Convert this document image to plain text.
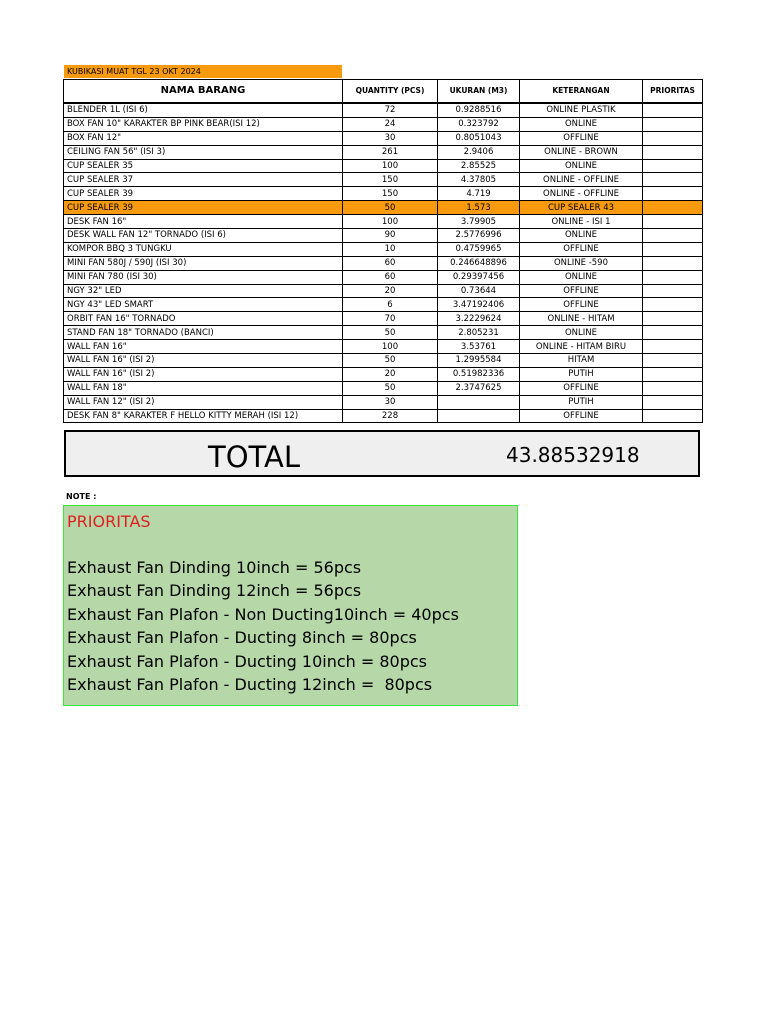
KUBIKASI MUAT TGL 23 OKT 2024
NAMA BARANG	QUANTITY (PCS)	UKURAN (M3)	KETERANGAN	PRIORITAS
BLENDER 1L (ISI 6)	72	0.9288516	ONLINE PLASTIK	
BOX FAN 10" KARAKTER BP PINK BEAR(ISI 12)	24	0.323792	ONLINE	
BOX FAN 12"	30	0.8051043	OFFLINE	
CEILING FAN 56" (ISI 3)	261	2.9406	ONLINE - BROWN	
CUP SEALER 35	100	2.85525	ONLINE	
CUP SEALER 37	150	4.37805	ONLINE - OFFLINE	
CUP SEALER 39	150	4.719	ONLINE - OFFLINE	
CUP SEALER 39	50	1.573	CUP SEALER 43	
DESK FAN 16"	100	3.79905	ONLINE - ISI 1	
DESK WALL FAN 12" TORNADO (ISI 6)	90	2.5776996	ONLINE	
KOMPOR BBQ 3 TUNGKU	10	0.4759965	OFFLINE	
MINI FAN 580J / 590J (ISI 30)	60	0.246648896	ONLINE -590	
MINI FAN 780 (ISI 30)	60	0.29397456	ONLINE	
NGY 32" LED	20	0.73644	OFFLINE	
NGY 43" LED SMART	6	3.47192406	OFFLINE	
ORBIT FAN 16" TORNADO	70	3.2229624	ONLINE - HITAM	
STAND FAN 18" TORNADO (BANCI)	50	2.805231	ONLINE	
WALL FAN 16"	100	3.53761	ONLINE - HITAM BIRU	
WALL FAN 16" (ISI 2)	50	1.2995584	HITAM	
WALL FAN 16" (ISI 2)	20	0.51982336	PUTIH	
WALL FAN 18"	50	2.3747625	OFFLINE	
WALL FAN 12" (ISI 2)	30		PUTIH	
DESK FAN 8" KARAKTER F HELLO KITTY MERAH (ISI 12)	228		OFFLINE	
TOTAL	43.88532918
NOTE :
PRIORITAS
Exhaust Fan Dinding 10inch = 56pcs
Exhaust Fan Dinding 12inch = 56pcs
Exhaust Fan Plafon - Non Ducting10inch = 40pcs
Exhaust Fan Plafon - Ducting 8inch = 80pcs
Exhaust Fan Plafon - Ducting 10inch = 80pcs
Exhaust Fan Plafon - Ducting 12inch =  80pcs
